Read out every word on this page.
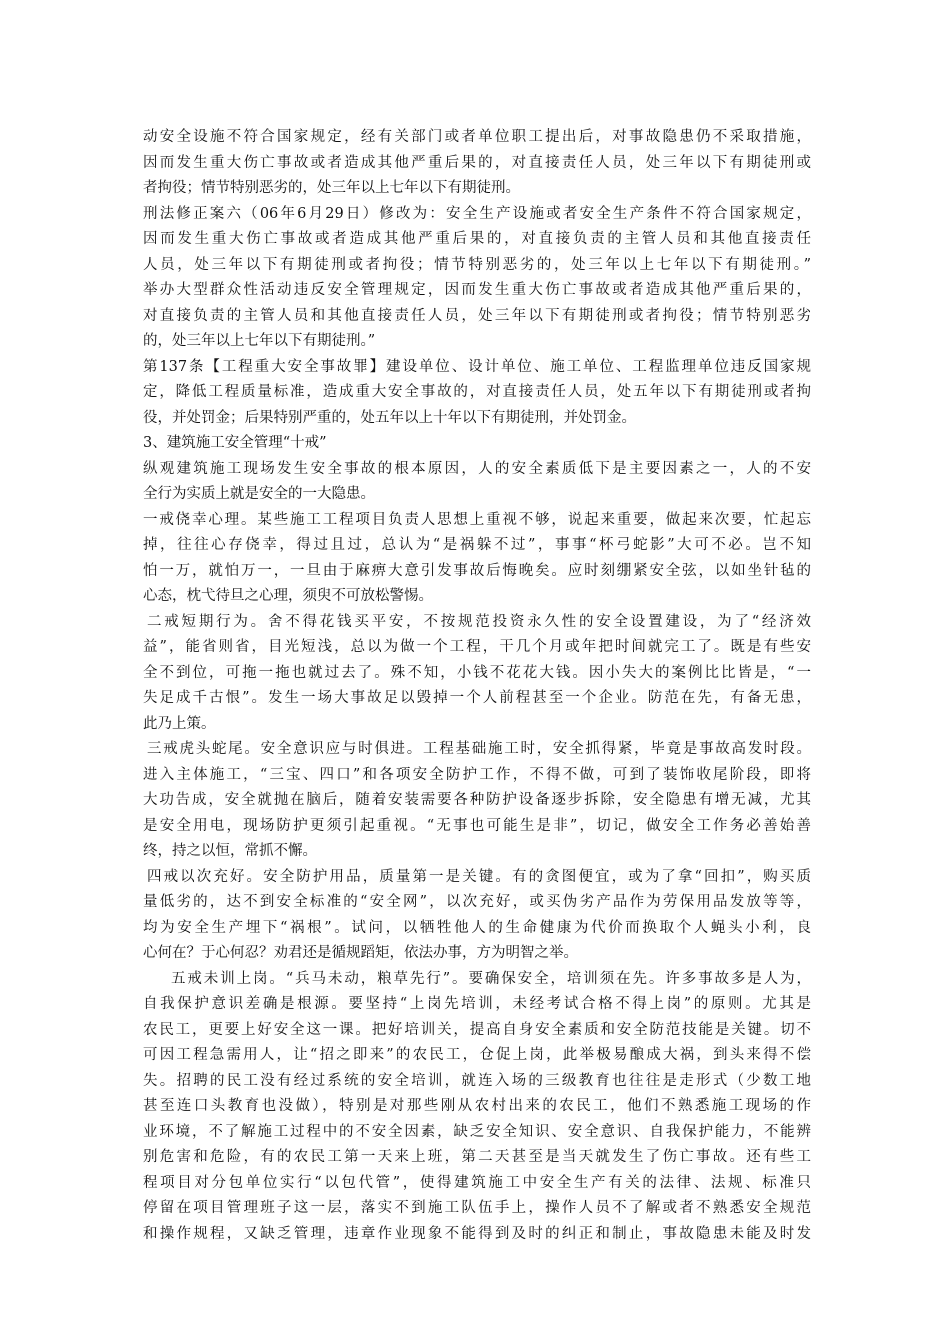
动安全设施不符合国家规定，经有关部门或者单位职工提出后，对事故隐患仍不采取措施，
因而发生重大伤亡事故或者造成其他严重后果的，对直接责任人员，处三年以下有期徒刑或
者拘役；情节特别恶劣的，处三年以上七年以下有期徒刑。
刑法修正案六（06年6月29日）修改为：安全生产设施或者安全生产条件不符合国家规定，
因而发生重大伤亡事故或者造成其他严重后果的，对直接负责的主管人员和其他直接责任
人员，处三年以下有期徒刑或者拘役；情节特别恶劣的，处三年以上七年以下有期徒刑。”
举办大型群众性活动违反安全管理规定，因而发生重大伤亡事故或者造成其他严重后果的，
对直接负责的主管人员和其他直接责任人员，处三年以下有期徒刑或者拘役；情节特别恶劣
的，处三年以上七年以下有期徒刑。”
第137条【工程重大安全事故罪】建设单位、设计单位、施工单位、工程监理单位违反国家规
定，降低工程质量标准，造成重大安全事故的，对直接责任人员，处五年以下有期徒刑或者拘
役，并处罚金；后果特别严重的，处五年以上十年以下有期徒刑，并处罚金。
3、建筑施工安全管理“十戒”
纵观建筑施工现场发生安全事故的根本原因，人的安全素质低下是主要因素之一，人的不安
全行为实质上就是安全的一大隐患。
一戒侥幸心理。某些施工工程项目负责人思想上重视不够，说起来重要，做起来次要，忙起忘
掉，往往心存侥幸，得过且过，总认为“是祸躲不过”，事事“杯弓蛇影”大可不必。岂不知
怕一万，就怕万一，一旦由于麻痹大意引发事故后悔晚矣。应时刻绷紧安全弦，以如坐针毡的
心态，枕弋待旦之心理，须臾不可放松警惕。
二戒短期行为。舍不得花钱买平安，不按规范投资永久性的安全设置建设，为了“经济效
益”，能省则省，目光短浅，总以为做一个工程，干几个月或年把时间就完工了。既是有些安
全不到位，可拖一拖也就过去了。殊不知，小钱不花花大钱。因小失大的案例比比皆是，“一
失足成千古恨”。发生一场大事故足以毁掉一个人前程甚至一个企业。防范在先，有备无患，
此乃上策。
三戒虎头蛇尾。安全意识应与时俱进。工程基础施工时，安全抓得紧，毕竟是事故高发时段。
进入主体施工，“三宝、四口”和各项安全防护工作，不得不做，可到了装饰收尾阶段，即将
大功告成，安全就抛在脑后，随着安装需要各种防护设备逐步拆除，安全隐患有增无减，尤其
是安全用电，现场防护更须引起重视。“无事也可能生是非”，切记，做安全工作务必善始善
终，持之以恒，常抓不懈。
四戒以次充好。安全防护用品，质量第一是关键。有的贪图便宜，或为了拿“回扣”，购买质
量低劣的，达不到安全标准的“安全网”，以次充好，或买伪劣产品作为劳保用品发放等等，
均为安全生产埋下“祸根”。试问，以牺牲他人的生命健康为代价而换取个人蝇头小利，良
心何在？于心何忍？劝君还是循规蹈矩，依法办事，方为明智之举。
五戒未训上岗。“兵马未动，粮草先行”。要确保安全，培训须在先。许多事故多是人为，
自我保护意识差确是根源。要坚持“上岗先培训，未经考试合格不得上岗”的原则。尤其是
农民工，更要上好安全这一课。把好培训关，提高自身安全素质和安全防范技能是关键。切不
可因工程急需用人，让“招之即来”的农民工，仓促上岗，此举极易酿成大祸，到头来得不偿
失。招聘的民工没有经过系统的安全培训，就连入场的三级教育也往往是走形式（少数工地
甚至连口头教育也没做），特别是对那些刚从农村出来的农民工，他们不熟悉施工现场的作
业环境，不了解施工过程中的不安全因素，缺乏安全知识、安全意识、自我保护能力，不能辨
别危害和危险，有的农民工第一天来上班，第二天甚至是当天就发生了伤亡事故。还有些工
程项目对分包单位实行“以包代管”，使得建筑施工中安全生产有关的法律、法规、标准只
停留在项目管理班子这一层，落实不到施工队伍手上，操作人员不了解或者不熟悉安全规范
和操作规程，又缺乏管理，违章作业现象不能得到及时的纠正和制止，事故隐患未能及时发
